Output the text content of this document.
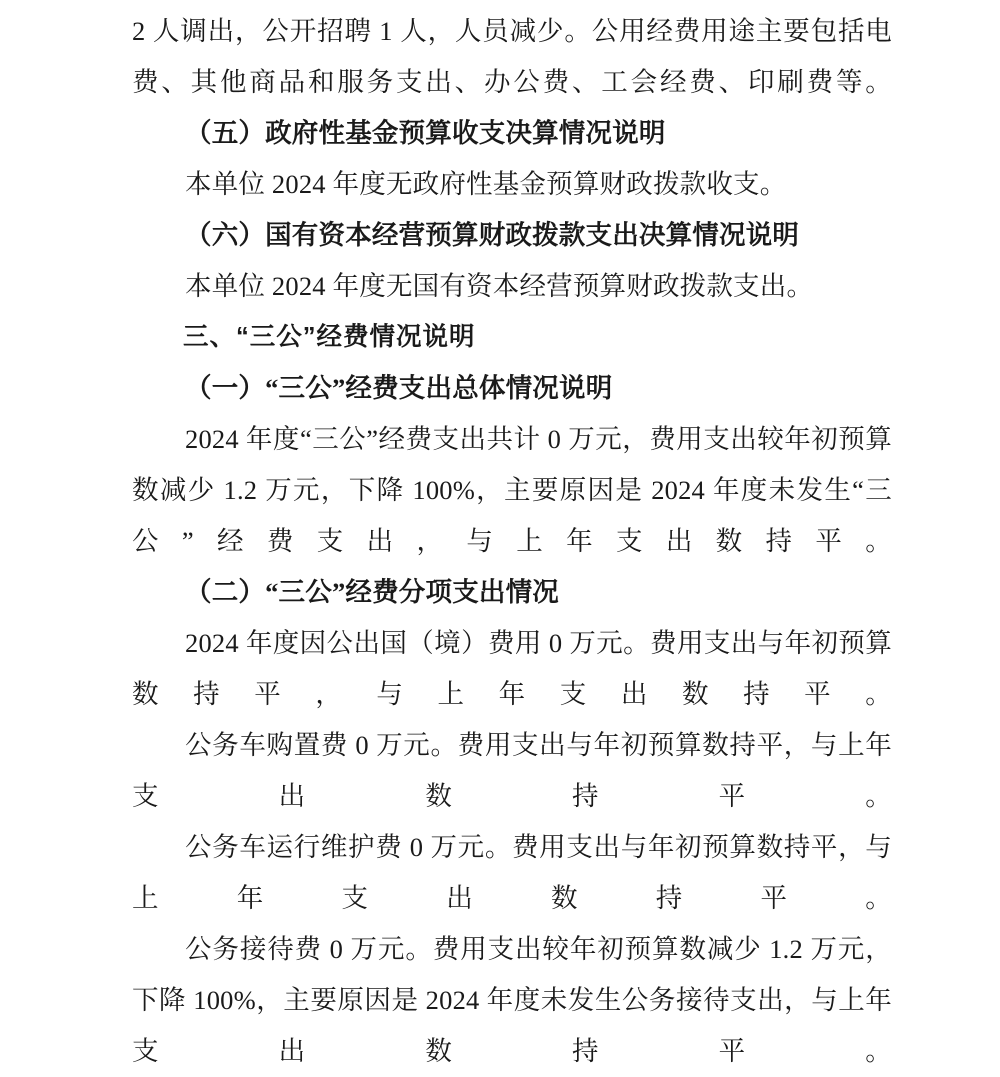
2 人调出，公开招聘 1 人，人员减少。公用经费用途主要包括电费、其他商品和服务支出、办公费、工会经费、印刷费等。

（五）政府性基金预算收支决算情况说明

本单位 2024 年度无政府性基金预算财政拨款收支。

（六）国有资本经营预算财政拨款支出决算情况说明

本单位 2024 年度无国有资本经营预算财政拨款支出。

三、“三公”经费情况说明

（一）“三公”经费支出总体情况说明

2024 年度“三公”经费支出共计 0 万元，费用支出较年初预算数减少 1.2 万元，下降 100%，主要原因是 2024 年度未发生“三公”经费支出，与上年支出数持平。

（二）“三公”经费分项支出情况

2024 年度因公出国（境）费用 0 万元。费用支出与年初预算数持平，与上年支出数持平。

公务车购置费 0 万元。费用支出与年初预算数持平，与上年支出数持平。

公务车运行维护费 0 万元。费用支出与年初预算数持平，与上年支出数持平。

公务接待费 0 万元。费用支出较年初预算数减少 1.2 万元，下降 100%，主要原因是 2024 年度未发生公务接待支出，与上年支出数持平。
